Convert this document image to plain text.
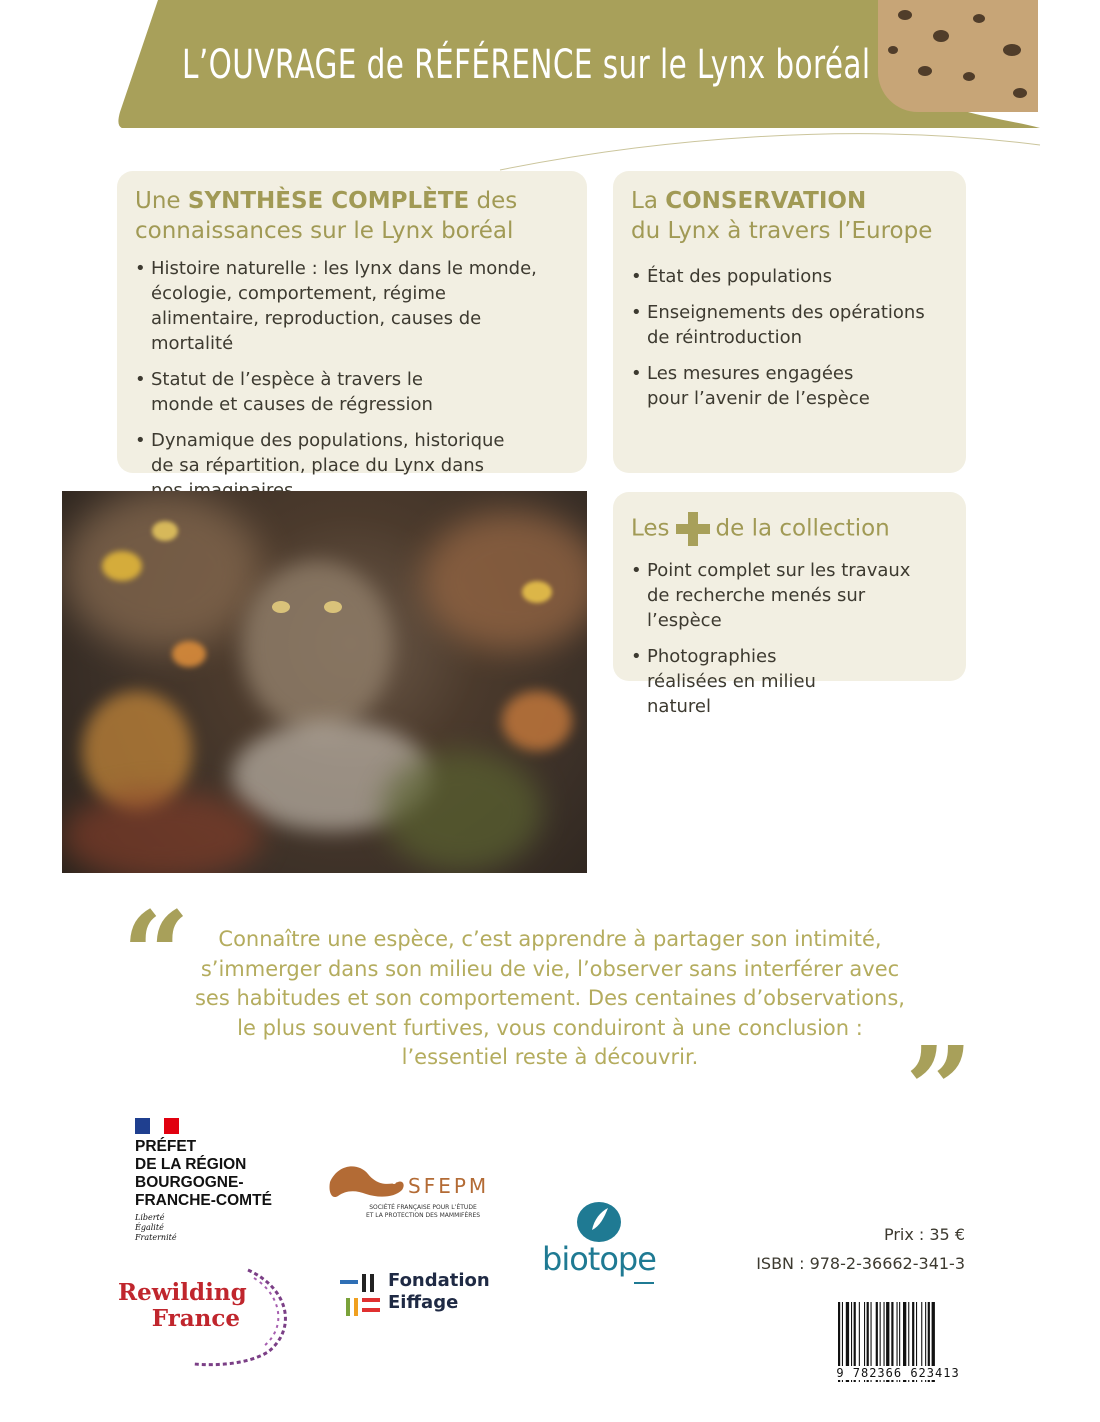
L’OUVRAGE de RÉFÉRENCE sur le Lynx boréal
Une SYNTHÈSE COMPLÈTE des
connaissances sur le Lynx boréal
• Histoire naturelle : les lynx dans le monde, écologie, comportement, régime alimentaire, reproduction, causes de mortalité
• Statut de l’espèce à travers le monde et causes de régression
• Dynamique des populations, historique de sa répartition, place du Lynx dans
La CONSERVATION
du Lynx à travers l’Europe
• État des populations
• Enseignements des opérations de réintroduction
• Les mesures engagées pour l’avenir de l’espèce
Les de la collection
• Point complet sur les travaux de recherche menés sur l’espèce
• Photographies réalisées en milieu naturel
“	Connaître une espèce, c’est apprendre à partager son intimité, s’immerger dans son milieu de vie, l’observer sans interférer avec ses habitudes et son comportement. Des centaines d’observations, le plus souvent furtives, vous conduiront à une conclusion : l’essentiel reste à découvrir.	”
PRÉFET
DE LA RÉGION
BOURGOGNE-
FRANCHE-COMTÉ
Liberté
Égalité
Fraternité
SFEPM
SOCIÉTÉ FRANÇAISE POUR L’ÉTUDE
ET LA PROTECTION DES MAMMIFÈRES
biotope
Rewilding
France
Fondation
Eiffage
Prix : 35 €
ISBN : 978-2-36662-341-3
9 782366 623413
